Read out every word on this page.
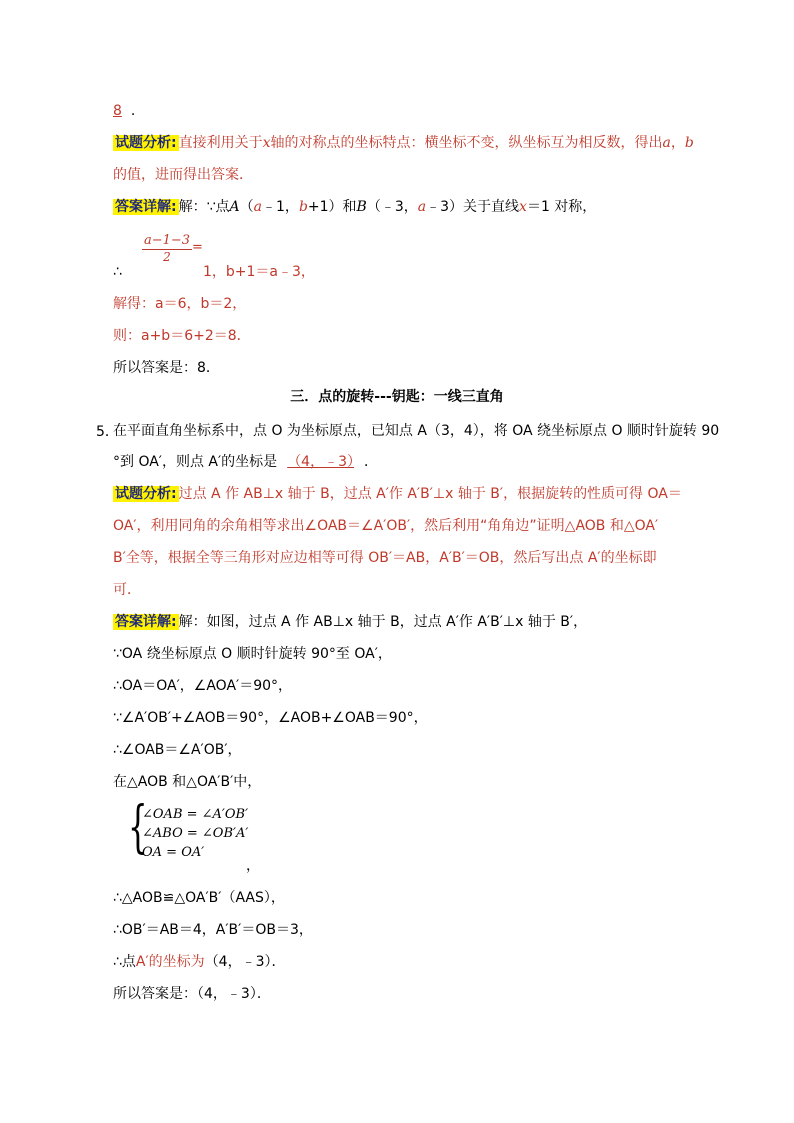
8 .
试题分析: 直接利用关于x轴的对称点的坐标特点：横坐标不变，纵坐标互为相反数，得出a，b
的值，进而得出答案．
答案详解: 解：∵点A（a﹣1，b+1）和B（﹣3，a﹣3）关于直线x＝1 对称，
$\frac{a-1-3}{2}$ =
∴	1，b+1＝a﹣3，
解得：a＝6，b＝2，
则：a+b＝6+2＝8．
所以答案是：8．
三．点的旋转---钥匙：一线三直角
5．
在平面直角坐标系中，点 O 为坐标原点，已知点 A（3，4），将 OA 绕坐标原点 O 顺时针旋转 90
°到 OA′，则点 A′的坐标是 （4，﹣3） ．
试题分析: 过点 A 作 AB⊥x 轴于 B，过点 A′作 A′B′⊥x 轴于 B′，根据旋转的性质可得 OA＝
OA′，利用同角的余角相等求出∠OAB＝∠A′OB′，然后利用“角角边”证明△AOB 和△OA′
B′全等，根据全等三角形对应边相等可得 OB′＝AB，A′B′＝OB，然后写出点 A′的坐标即
可．
答案详解: 解：如图，过点 A 作 AB⊥x 轴于 B，过点 A′作 A′B′⊥x 轴于 B′，
∵OA 绕坐标原点 O 顺时针旋转 90°至 OA′，
∴OA＝OA′，∠AOA′＝90°，
∵∠A′OB′+∠AOB＝90°，∠AOB+∠OAB＝90°，
∴∠OAB＝∠A′OB′，
在△AOB 和△OA′B′中，
{
∠OAB = ∠A′OB′
∠ABO = ∠OB′A′
OA = OA′
，
∴△AOB≌△OA′B′（AAS），
∴OB′＝AB＝4，A′B′＝OB＝3，
∴点A′的坐标为（4，﹣3）．
所以答案是：（4，﹣3）．
